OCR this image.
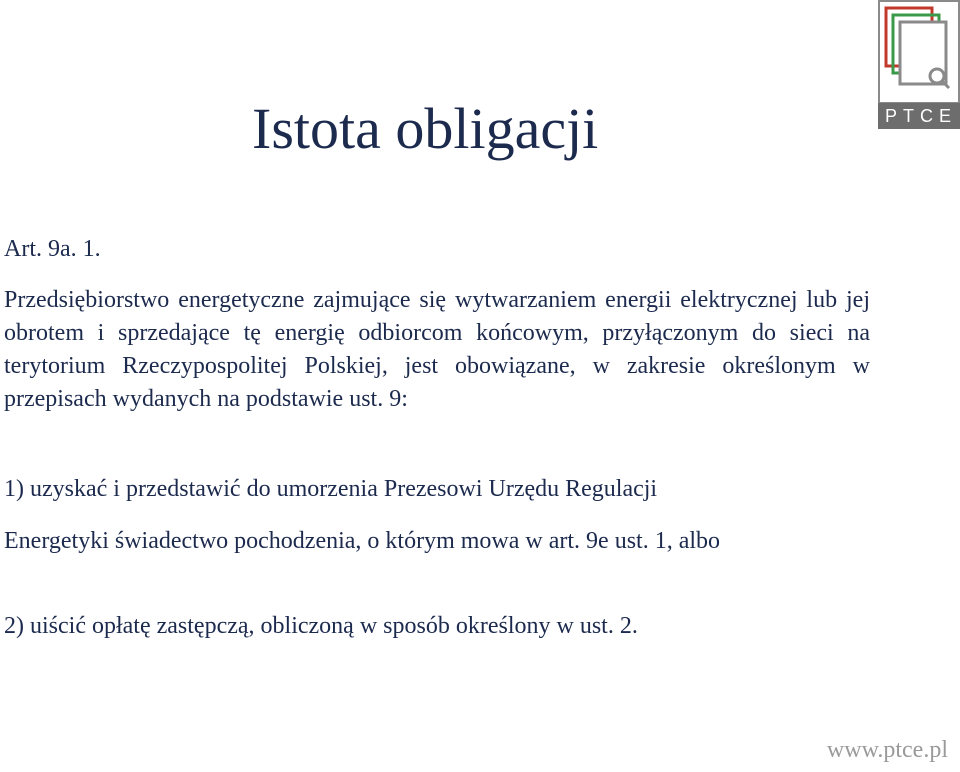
PTCE
Istota obligacji
Art. 9a. 1.
Przedsiębiorstwo energetyczne zajmujące się wytwarzaniem energii elektrycznej lub jej obrotem i sprzedające tę energię odbiorcom końcowym, przyłączonym do sieci na terytorium Rzeczypospolitej Polskiej, jest obowiązane, w zakresie określonym w przepisach wydanych na podstawie ust. 9:
1) uzyskać i przedstawić do umorzenia Prezesowi Urzędu Regulacji
Energetyki świadectwo pochodzenia, o którym mowa w art. 9e ust. 1, albo
2) uiścić opłatę zastępczą, obliczoną w sposób określony w ust. 2.
www.ptce.pl
